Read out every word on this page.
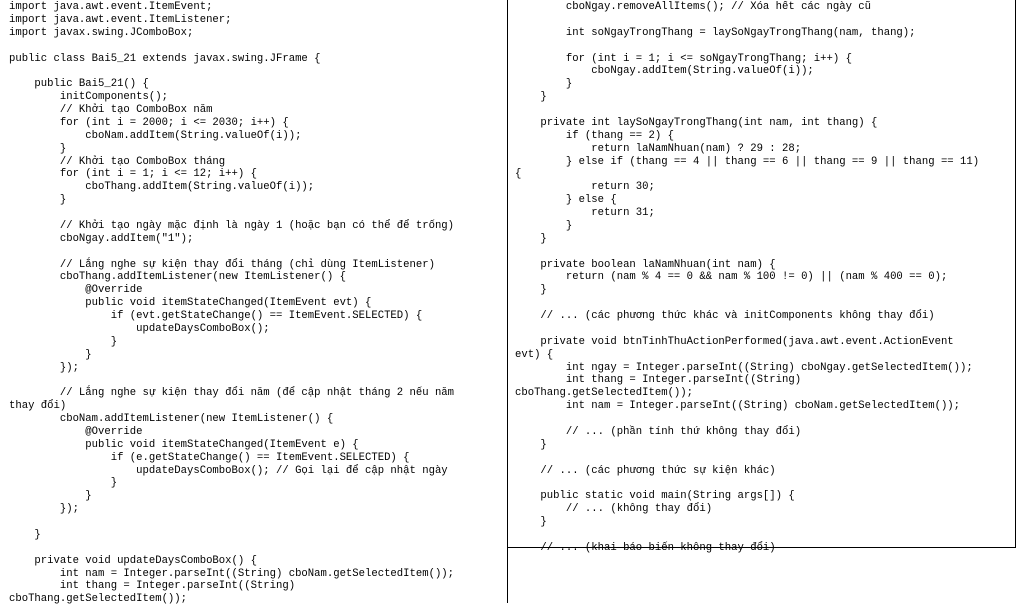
import java.awt.event.ItemEvent;
import java.awt.event.ItemListener;
import javax.swing.JComboBox;

public class Bai5_21 extends javax.swing.JFrame {

public Bai5_21() {
initComponents();
// Khởi tạo ComboBox năm
for (int i = 2000; i <= 2030; i++) {
cboNam.addItem(String.valueOf(i));
}
// Khởi tạo ComboBox tháng
for (int i = 1; i <= 12; i++) {
cboThang.addItem(String.valueOf(i));
}

// Khởi tạo ngày mặc định là ngày 1 (hoặc bạn có thể để trống)
cboNgay.addItem("1");

// Lắng nghe sự kiện thay đổi tháng (chỉ dùng ItemListener)
cboThang.addItemListener(new ItemListener() {
@Override
public void itemStateChanged(ItemEvent evt) {
if (evt.getStateChange() == ItemEvent.SELECTED) {
updateDaysComboBox();
}
}
});

// Lắng nghe sự kiện thay đổi năm (để cập nhật tháng 2 nếu năm
thay đổi)
cboNam.addItemListener(new ItemListener() {
@Override
public void itemStateChanged(ItemEvent e) {
if (e.getStateChange() == ItemEvent.SELECTED) {
updateDaysComboBox(); // Gọi lại để cập nhật ngày
}
}
});

}

private void updateDaysComboBox() {
int nam = Integer.parseInt((String) cboNam.getSelectedItem());
int thang = Integer.parseInt((String)
cboThang.getSelectedItem());
cboNgay.removeAllItems(); // Xóa hết các ngày cũ

int soNgayTrongThang = laySoNgayTrongThang(nam, thang);

for (int i = 1; i <= soNgayTrongThang; i++) {
cboNgay.addItem(String.valueOf(i));
}
}

private int laySoNgayTrongThang(int nam, int thang) {
if (thang == 2) {
return laNamNhuan(nam) ? 29 : 28;
} else if (thang == 4 || thang == 6 || thang == 9 || thang == 11)
{
return 30;
} else {
return 31;
}
}

private boolean laNamNhuan(int nam) {
return (nam % 4 == 0 && nam % 100 != 0) || (nam % 400 == 0);
}

// ... (các phương thức khác và initComponents không thay đổi)

private void btnTinhThuActionPerformed(java.awt.event.ActionEvent
evt) {
int ngay = Integer.parseInt((String) cboNgay.getSelectedItem());
int thang = Integer.parseInt((String)
cboThang.getSelectedItem());
int nam = Integer.parseInt((String) cboNam.getSelectedItem());

// ... (phần tính thứ không thay đổi)
}

// ... (các phương thức sự kiện khác)

public static void main(String args[]) {
// ... (không thay đổi)
}

// ... (khai báo biến không thay đổi)
